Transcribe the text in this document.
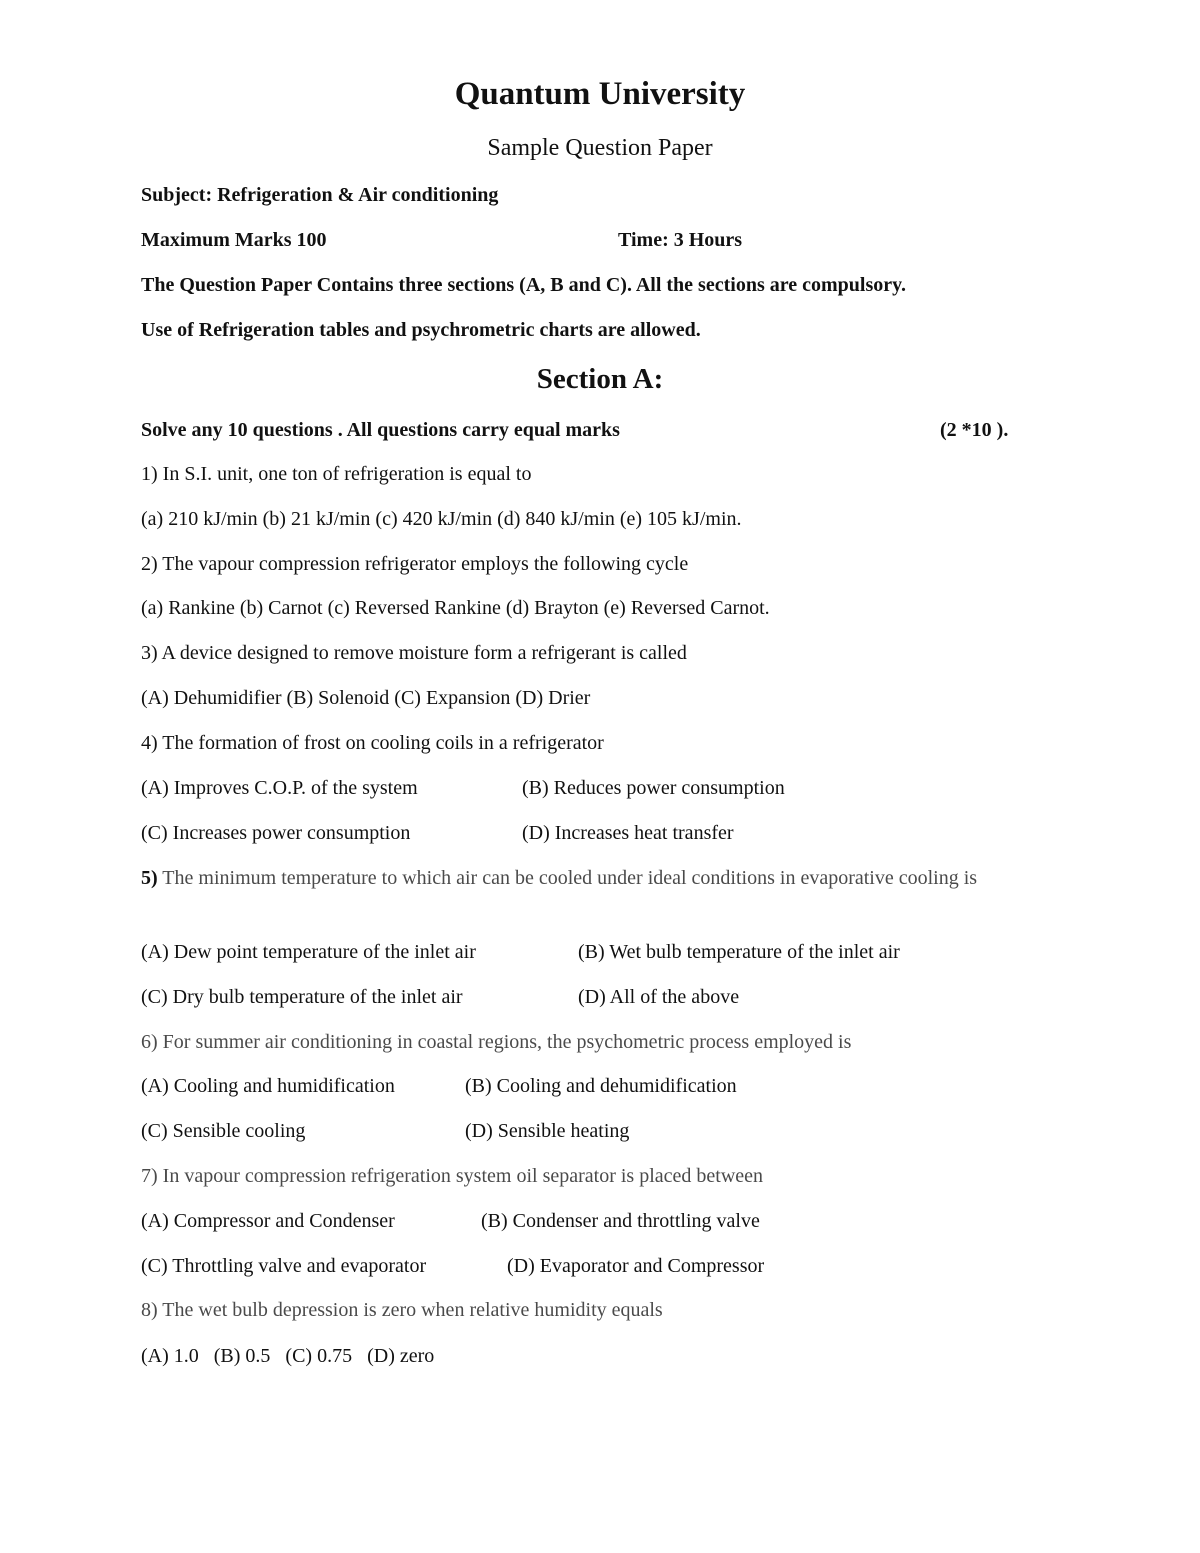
Quantum University
Sample Question Paper
Subject: Refrigeration & Air conditioning
Maximum Marks 100	Time: 3 Hours
The Question Paper Contains three sections (A, B and C). All the sections are compulsory.
Use of Refrigeration tables and psychrometric charts are allowed.
Section A:
Solve any 10 questions . All questions carry equal marks	(2 *10 ).
1) In S.I. unit, one ton of refrigeration is equal to
(a) 210 kJ/min (b) 21 kJ/min (c) 420 kJ/min (d) 840 kJ/min (e) 105 kJ/min.
2) The vapour compression refrigerator employs the following cycle
(a) Rankine (b) Carnot (c) Reversed Rankine (d) Brayton (e) Reversed Carnot.
3) A device designed to remove moisture form a refrigerant is called
(A) Dehumidifier (B) Solenoid (C) Expansion (D) Drier
4) The formation of frost on cooling coils in a refrigerator
(A) Improves C.O.P. of the system	(B) Reduces power consumption
(C) Increases power consumption	(D) Increases heat transfer
5) The minimum temperature to which air can be cooled under ideal conditions in evaporative cooling is
(A) Dew point temperature of the inlet air	(B) Wet bulb temperature of the inlet air
(C) Dry bulb temperature of the inlet air	(D) All of the above
6) For summer air conditioning in coastal regions, the psychometric process employed is
(A) Cooling and humidification	(B) Cooling and dehumidification
(C) Sensible cooling	(D) Sensible heating
7) In vapour compression refrigeration system oil separator is placed between
(A) Compressor and Condenser	(B) Condenser and throttling valve
(C) Throttling valve and evaporator	(D) Evaporator and Compressor
8) The wet bulb depression is zero when relative humidity equals
(A) 1.0   (B) 0.5   (C) 0.75   (D) zero
